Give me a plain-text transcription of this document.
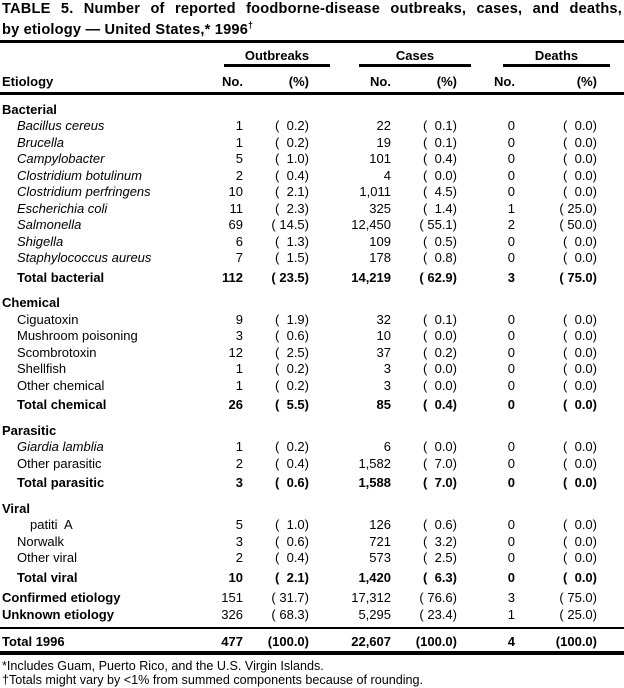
TABLE 5. Number of reported foodborne-disease outbreaks, cases, and deaths,
by etiology — United States,* 1996†
Outbreaks	Cases	Deaths
Etiology	No.	(%)	No.	(%)	No.	(%)
Bacterial
Bacillus cereus	1	(  0.2)	22	(  0.1)	0	(  0.0)
Brucella	1	(  0.2)	19	(  0.1)	0	(  0.0)
Campylobacter	5	(  1.0)	101	(  0.4)	0	(  0.0)
Clostridium botulinum	2	(  0.4)	4	(  0.0)	0	(  0.0)
Clostridium perfringens	10	(  2.1)	1,011	(  4.5)	0	(  0.0)
Escherichia coli	11	(  2.3)	325	(  1.4)	1	( 25.0)
Salmonella	69	( 14.5)	12,450	( 55.1)	2	( 50.0)
Shigella	6	(  1.3)	109	(  0.5)	0	(  0.0)
Staphylococcus aureus	7	(  1.5)	178	(  0.8)	0	(  0.0)
Total bacterial	112	( 23.5)	14,219	( 62.9)	3	( 75.0)
Chemical
Ciguatoxin	9	(  1.9)	32	(  0.1)	0	(  0.0)
Mushroom poisoning	3	(  0.6)	10	(  0.0)	0	(  0.0)
Scombrotoxin	12	(  2.5)	37	(  0.2)	0	(  0.0)
Shellfish	1	(  0.2)	3	(  0.0)	0	(  0.0)
Other chemical	1	(  0.2)	3	(  0.0)	0	(  0.0)
Total chemical	26	(  5.5)	85	(  0.4)	0	(  0.0)
Parasitic
Giardia lamblia	1	(  0.2)	6	(  0.0)	0	(  0.0)
Other parasitic	2	(  0.4)	1,582	(  7.0)	0	(  0.0)
Total parasitic	3	(  0.6)	1,588	(  7.0)	0	(  0.0)
Viral
patiti  A	5	(  1.0)	126	(  0.6)	0	(  0.0)
Norwalk	3	(  0.6)	721	(  3.2)	0	(  0.0)
Other viral	2	(  0.4)	573	(  2.5)	0	(  0.0)
Total viral	10	(  2.1)	1,420	(  6.3)	0	(  0.0)
Confirmed etiology	151	( 31.7)	17,312	( 76.6)	3	( 75.0)
Unknown etiology	326	( 68.3)	5,295	( 23.4)	1	( 25.0)
Total 1996	477	(100.0)	22,607	(100.0)	4	(100.0)
*Includes Guam, Puerto Rico, and the U.S. Virgin Islands.
†Totals might vary by <1% from summed components because of rounding.
